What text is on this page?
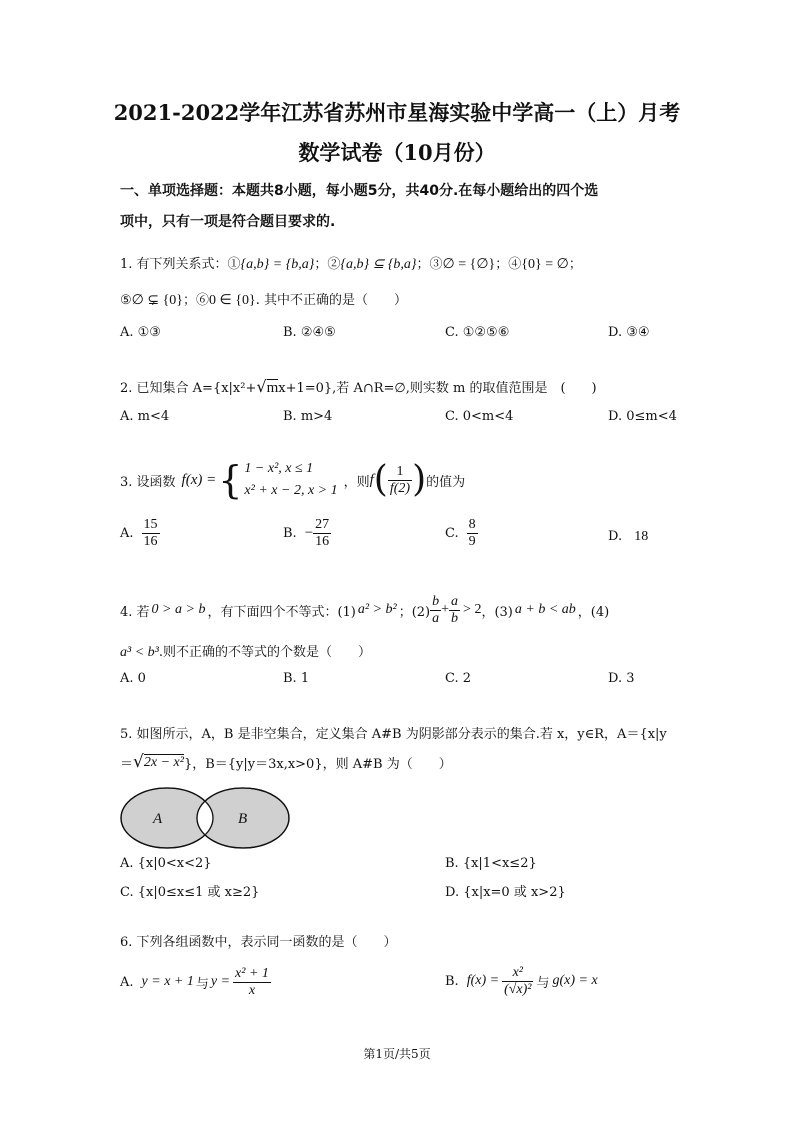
2021-2022学年江苏省苏州市星海实验中学高一（上）月考
数学试卷（10月份）
一、单项选择题：本题共8小题，每小题5分，共40分.在每小题给出的四个选
项中，只有一项是符合题目要求的.
1. 有下列关系式：①{a,b} = {b,a}；②{a,b} ⊆ {b,a}；③∅ = {∅}；④{0} = ∅；
⑤∅ ⊊ {0}；⑥0 ∈ {0}. 其中不正确的是（　　）
A. ①③	B. ②④⑤	C. ①②⑤⑥	D. ③④
2. 已知集合 A={x|x²+√mx+1=0},若 A∩R=∅,则实数 m 的取值范围是　(　　)
A. m<4	B. m>4	C. 0<m<4	D. 0≤m<4
3. 设函数 f(x) = { 1 − x², x ≤ 1
x² + x − 2, x > 1
，则 f ( $\frac{1}{f(2)}$ ) 的值为
A. $\frac{15}{16}$	B. − $\frac{27}{16}$	C. $\frac{8}{9}$	D. 18
4. 若 0 > a > b ，有下面四个不等式：(1) a² > b² ；$(2) \frac{b}{a} + \frac{a}{b} > 2$ ，(3) a + b < ab ，(4)
a³ < b³.则不正确的不等式的个数是（　　）
A. 0	B. 1	C. 2	D. 3
5. 如图所示，A，B 是非空集合，定义集合 A#B 为阴影部分表示的集合.若 x，y∈R，A＝{x|y
＝ √ 2x − x² }，B＝{y|y＝3x,x>0}，则 A#B 为（　　）
A	B
A. {x|0<x<2}	B. {x|1<x≤2}
C. {x|0≤x≤1 或 x≥2}	D. {x|x=0 或 x>2}
6. 下列各组函数中，表示同一函数的是（　　）
A. y = x + 1 与 $y = \frac{\text{x² + 1}}{x}$	B. $f(x) = \frac{\text{x²}}{\text{(√x)²}}$ 与 g(x) = x
第1页/共5页
